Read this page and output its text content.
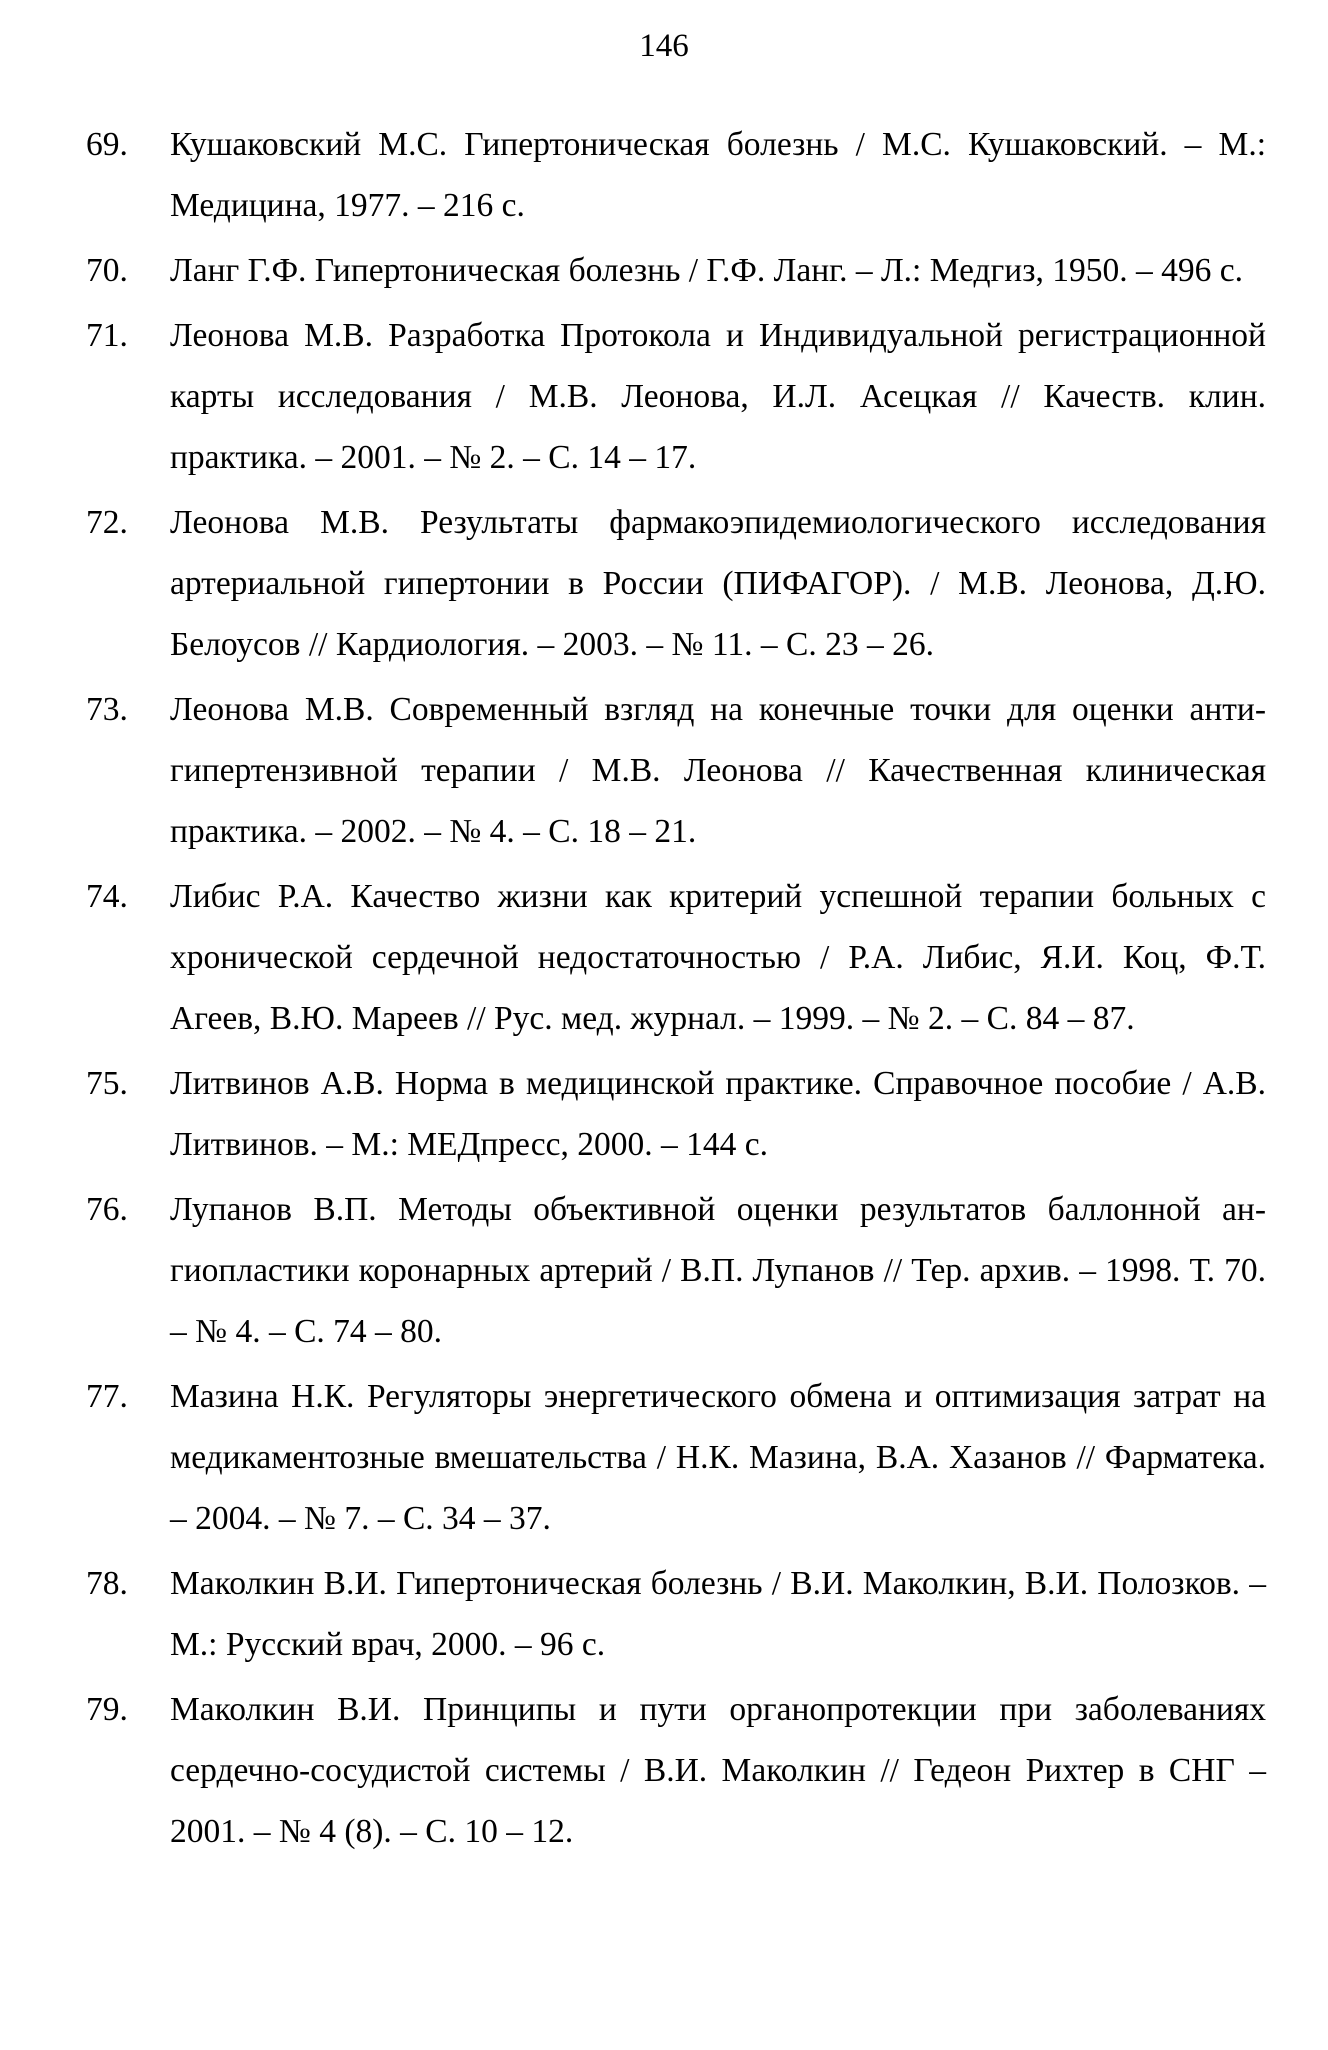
146
69.	Кушаковский М.С. Гипертоническая болезнь / М.С. Кушаковский. – М.: Медицина, 1977. – 216 с.
70.	Ланг Г.Ф. Гипертоническая болезнь / Г.Ф. Ланг. – Л.: Медгиз, 1950. – 496 с.
71.	Леонова М.В. Разработка Протокола и Индивидуальной регистрационной карты исследования / М.В. Леонова, И.Л. Асецкая // Качеств. клин. практика. – 2001. – № 2. – С. 14 – 17.
72.	Леонова М.В. Результаты фармакоэпидемиологического исследования артериальной гипертонии в России (ПИФАГОР). / М.В. Леонова, Д.Ю. Белоусов // Кардиология. – 2003. – № 11. – С. 23 – 26.
73.	Леонова М.В. Современный взгляд на конечные точки для оценки антигипертензивной терапии / М.В. Леонова // Качественная клиническая практика. – 2002. – № 4. – С. 18 – 21.
74.	Либис Р.А. Качество жизни как критерий успешной терапии больных с хронической сердечной недостаточностью / Р.А. Либис, Я.И. Коц, Ф.Т. Агеев, В.Ю. Мареев // Рус. мед. журнал. – 1999. – № 2. – С. 84 – 87.
75.	Литвинов А.В. Норма в медицинской практике. Справочное пособие / А.В. Литвинов. – М.: МЕДпресс, 2000. – 144 с.
76.	Лупанов В.П. Методы объективной оценки результатов баллонной ангиопластики коронарных артерий / В.П. Лупанов // Тер. архив. – 1998. Т. 70. – № 4. – С. 74 – 80.
77.	Мазина Н.К. Регуляторы энергетического обмена и оптимизация затрат на медикаментозные вмешательства / Н.К. Мазина, В.А. Хазанов // Фарматека. – 2004. – № 7. – С. 34 – 37.
78.	Маколкин В.И. Гипертоническая болезнь / В.И. Маколкин, В.И. Полозков. – М.: Русский врач, 2000. – 96 с.
79.	Маколкин В.И. Принципы и пути органопротекции при заболеваниях сердечно-сосудистой системы / В.И. Маколкин // Гедеон Рихтер в СНГ – 2001. – № 4 (8). – С. 10 – 12.
